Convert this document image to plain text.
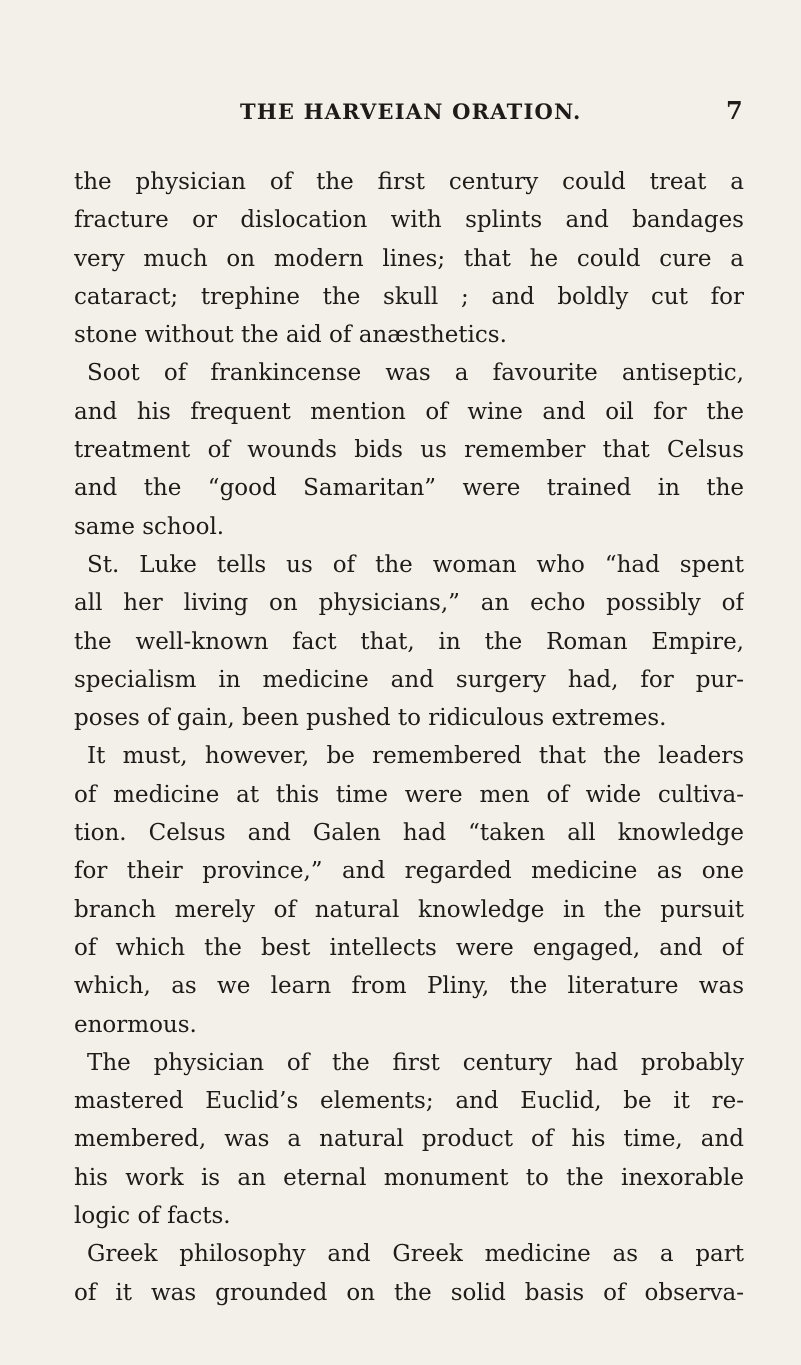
THE HARVEIAN ORATION.	7
the physician of the first century could treat a
fracture or dislocation with splints and bandages
very much on modern lines; that he could cure a
cataract; trephine the skull ; and boldly cut for
stone without the aid of anæsthetics.
Soot of frankincense was a favourite antiseptic,
and his frequent mention of wine and oil for the
treatment of wounds bids us remember that Celsus
and the “good Samaritan” were trained in the
same school.
St. Luke tells us of the woman who “had spent
all her living on physicians,” an echo possibly of
the well-known fact that, in the Roman Empire,
specialism in medicine and surgery had, for pur-
poses of gain, been pushed to ridiculous extremes.
It must, however, be remembered that the leaders
of medicine at this time were men of wide cultiva-
tion. Celsus and Galen had “taken all knowledge
for their province,” and regarded medicine as one
branch merely of natural knowledge in the pursuit
of which the best intellects were engaged, and of
which, as we learn from Pliny, the literature was
enormous.
The physician of the first century had probably
mastered Euclid’s elements; and Euclid, be it re-
membered, was a natural product of his time, and
his work is an eternal monument to the inexorable
logic of facts.
Greek philosophy and Greek medicine as a part
of it was grounded on the solid basis of observa-
